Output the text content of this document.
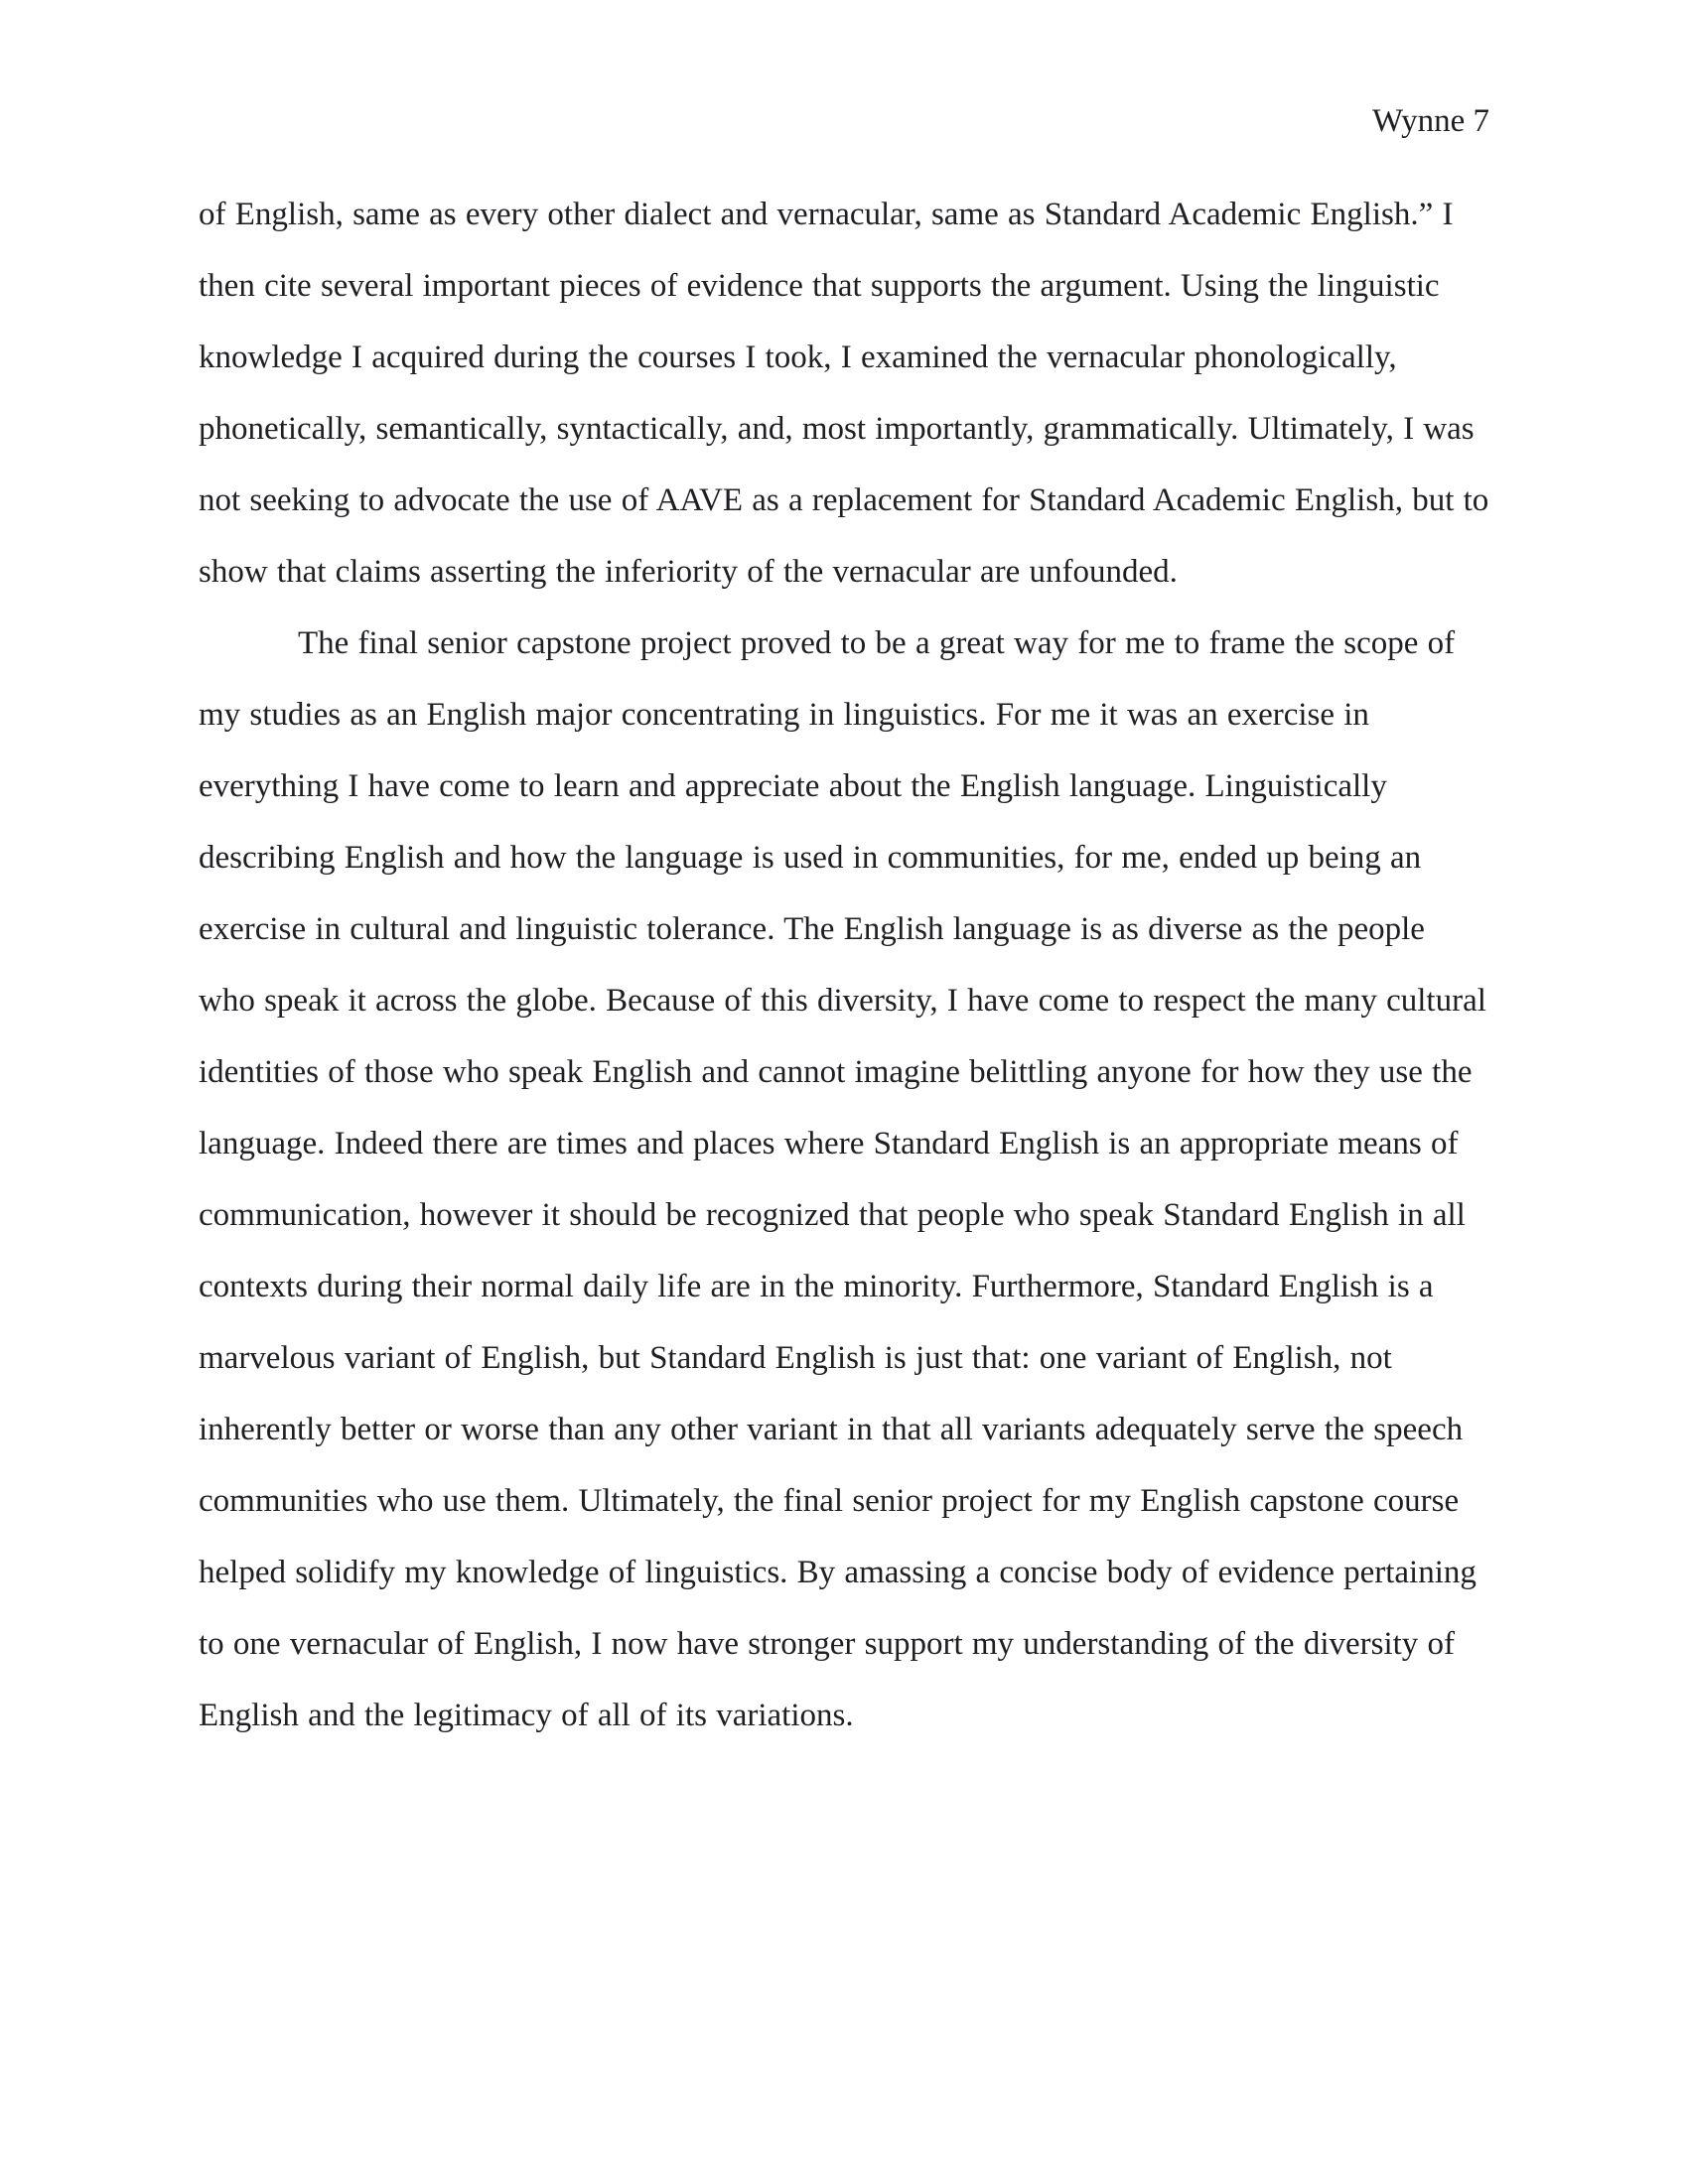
Wynne 7

of English, same as every other dialect and vernacular, same as Standard Academic English.” I then cite several important pieces of evidence that supports the argument. Using the linguistic knowledge I acquired during the courses I took, I examined the vernacular phonologically, phonetically, semantically, syntactically, and, most importantly, grammatically. Ultimately, I was not seeking to advocate the use of AAVE as a replacement for Standard Academic English, but to show that claims asserting the inferiority of the vernacular are unfounded.

The final senior capstone project proved to be a great way for me to frame the scope of my studies as an English major concentrating in linguistics. For me it was an exercise in everything I have come to learn and appreciate about the English language. Linguistically describing English and how the language is used in communities, for me, ended up being an exercise in cultural and linguistic tolerance. The English language is as diverse as the people who speak it across the globe. Because of this diversity, I have come to respect the many cultural identities of those who speak English and cannot imagine belittling anyone for how they use the language. Indeed there are times and places where Standard English is an appropriate means of communication, however it should be recognized that people who speak Standard English in all contexts during their normal daily life are in the minority. Furthermore, Standard English is a marvelous variant of English, but Standard English is just that: one variant of English, not inherently better or worse than any other variant in that all variants adequately serve the speech communities who use them. Ultimately, the final senior project for my English capstone course helped solidify my knowledge of linguistics. By amassing a concise body of evidence pertaining to one vernacular of English, I now have stronger support my understanding of the diversity of English and the legitimacy of all of its variations.
